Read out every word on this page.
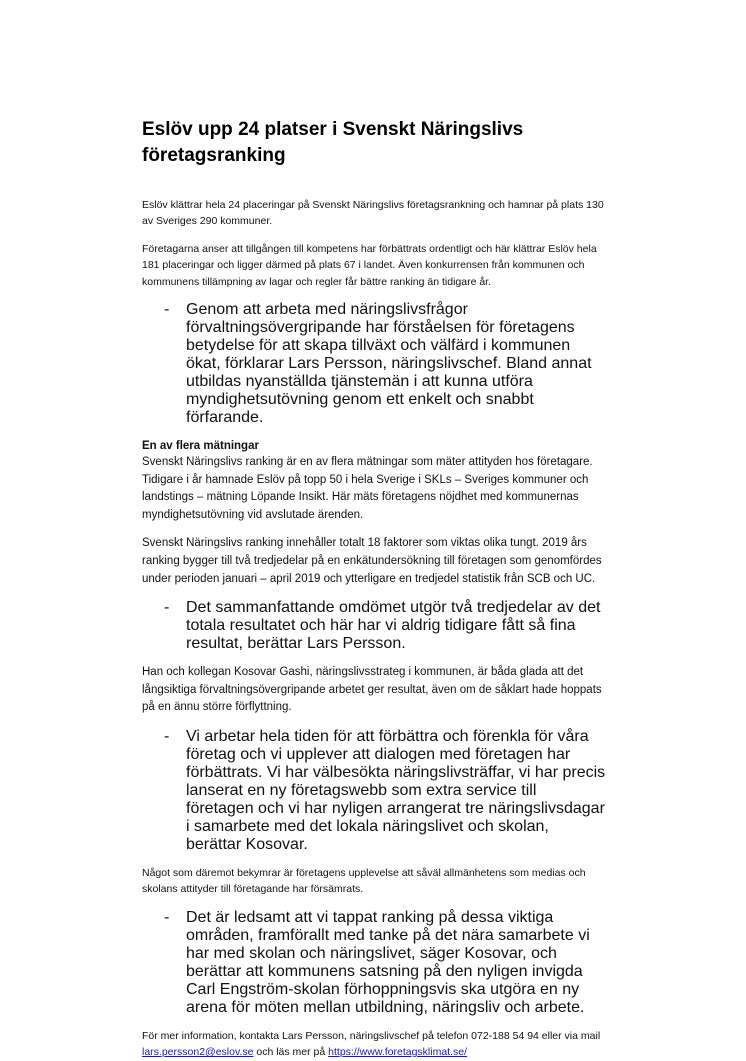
Eslöv upp 24 platser i Svenskt Näringslivs företagsranking

Eslöv klättrar hela 24 placeringar på Svenskt Näringslivs företagsrankning och hamnar på plats 130 av Sveriges 290 kommuner.

Företagarna anser att tillgången till kompetens har förbättrats ordentligt och här klättrar Eslöv hela 181 placeringar och ligger därmed på plats 67 i landet. Även konkurrensen från kommunen och kommunens tillämpning av lagar och regler får bättre ranking än tidigare år.

- Genom att arbeta med näringslivsfrågor förvaltningsövergripande har förståelsen för företagens betydelse för att skapa tillväxt och välfärd i kommunen ökat, förklarar Lars Persson, näringslivschef. Bland annat utbildas nyanställda tjänstemän i att kunna utföra myndighetsutövning genom ett enkelt och snabbt förfarande.
En av flera mätningar

Svenskt Näringslivs ranking är en av flera mätningar som mäter attityden hos företagare. Tidigare i år hamnade Eslöv på topp 50 i hela Sverige i SKLs – Sveriges kommuner och landstings – mätning Löpande Insikt. Här mäts företagens nöjdhet med kommunernas myndighetsutövning vid avslutade ärenden.

Svenskt Näringslivs ranking innehåller totalt 18 faktorer som viktas olika tungt. 2019 års ranking bygger till två tredjedelar på en enkätundersökning till företagen som genomfördes under perioden januari – april 2019 och ytterligare en tredjedel statistik från SCB och UC.

- Det sammanfattande omdömet utgör två tredjedelar av det totala resultatet och här har vi aldrig tidigare fått så fina resultat, berättar Lars Persson.

Han och kollegan Kosovar Gashi, näringslivsstrateg i kommunen, är båda glada att det långsiktiga förvaltningsövergripande arbetet ger resultat, även om de såklart hade hoppats på en ännu större förflyttning.

- Vi arbetar hela tiden för att förbättra och förenkla för våra företag och vi upplever att dialogen med företagen har förbättrats. Vi har välbesökta näringslivsträffar, vi har precis lanserat en ny företagswebb som extra service till företagen och vi har nyligen arrangerat tre näringslivsdagar i samarbete med det lokala näringslivet och skolan, berättar Kosovar.

Något som däremot bekymrar är företagens upplevelse att såväl allmänhetens som medias och skolans attityder till företagande har försämrats.

- Det är ledsamt att vi tappat ranking på dessa viktiga områden, framförallt med tanke på det nära samarbete vi har med skolan och näringslivet, säger Kosovar, och berättar att kommunens satsning på den nyligen invigda Carl Engström-skolan förhoppningsvis ska utgöra en ny arena för möten mellan utbildning, näringsliv och arbete.

För mer information, kontakta Lars Persson, näringslivschef på telefon 072-188 54 94 eller via mail lars.persson2@eslov.se och läs mer på https://www.foretagsklimat.se/
